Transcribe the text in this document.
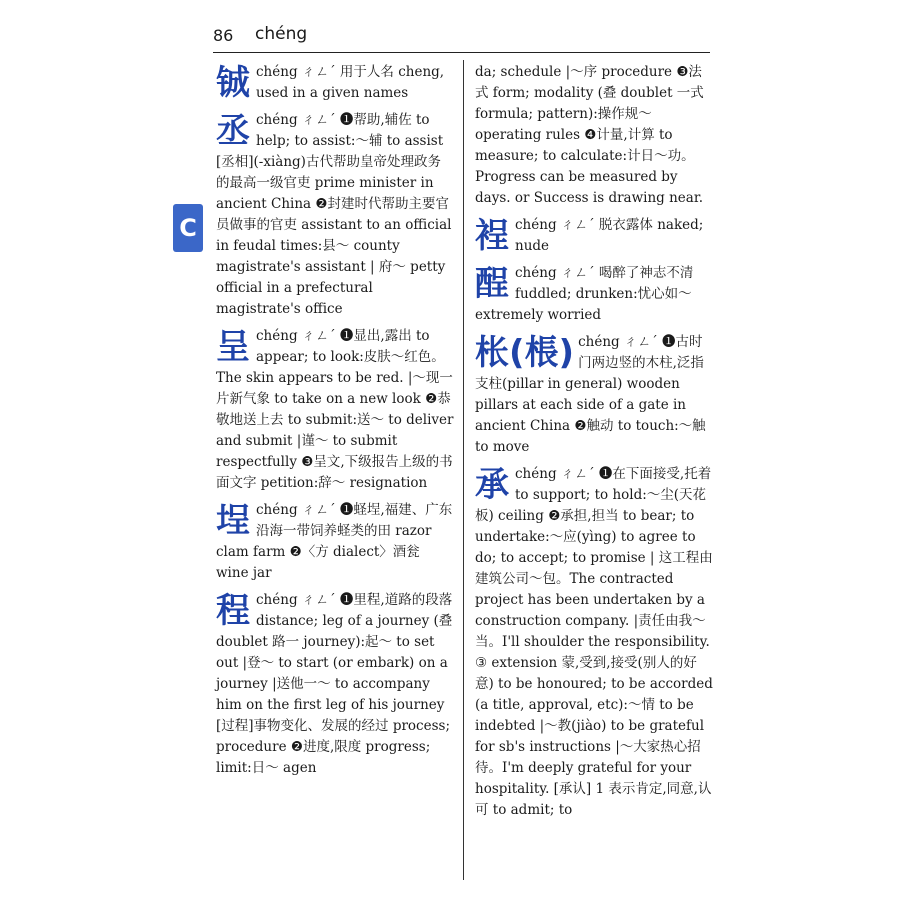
86 chéng
C
铖 chéng ㄔㄥˊ 用于人名 cheng, used in a given names
丞 chéng ㄔㄥˊ ❶帮助,辅佐 to help; to assist:～辅 to assist [丞相](-xiàng)古代帮助皇帝处理政务的最高一级官吏 prime minister in ancient China ❷封建时代帮助主要官员做事的官吏 assistant to an official in feudal times:县～ county magistrate's assistant | 府～ petty official in a prefectural magistrate's office
呈 chéng ㄔㄥˊ ❶显出,露出 to appear; to look:皮肤～红色。The skin appears to be red. |～现一片新气象 to take on a new look ❷恭敬地送上去 to submit:送～ to deliver and submit |谨～ to submit respectfully ❸呈文,下级报告上级的书面文字 petition:辞～ resignation
埕 chéng ㄔㄥˊ ❶蛏埕,福建、广东沿海一带饲养蛏类的田 razor clam farm ❷〈方 dialect〉酒瓮 wine jar
程 chéng ㄔㄥˊ ❶里程,道路的段落 distance; leg of a journey (叠 doublet 路一 journey):起～ to set out |登～ to start (or embark) on a journey |送他一～ to accompany him on the first leg of his journey [过程]事物变化、发展的经过 process; procedure ❷进度,限度 progress; limit:日～ agen
da; schedule |～序 procedure ❸法式 form; modality (叠 doublet 一式 formula; pattern):操作规～ operating rules ❹计量,计算 to measure; to calculate:计日～功。Progress can be measured by days. or Success is drawing near.
裎 chéng ㄔㄥˊ 脱衣露体 naked; nude
酲 chéng ㄔㄥˊ 喝醉了神志不清 fuddled; drunken:忧心如～ extremely worried
枨(棖) chéng ㄔㄥˊ ❶古时门两边竖的木柱,泛指支柱(pillar in general) wooden pillars at each side of a gate in ancient China ❷触动 to touch:～触 to move
承 chéng ㄔㄥˊ ❶在下面接受,托着 to support; to hold:～尘(天花板) ceiling ❷承担,担当 to bear; to undertake:～应(yìng) to agree to do; to accept; to promise | 这工程由建筑公司～包。The contracted project has been undertaken by a construction company. |责任由我～当。I'll shoulder the responsibility. ③ extension 蒙,受到,接受(别人的好意) to be honoured; to be accorded (a title, approval, etc):～情 to be indebted |～教(jiào) to be grateful for sb's instructions |～大家热心招待。I'm deeply grateful for your hospitality. [承认] 1 表示肯定,同意,认可 to admit; to
